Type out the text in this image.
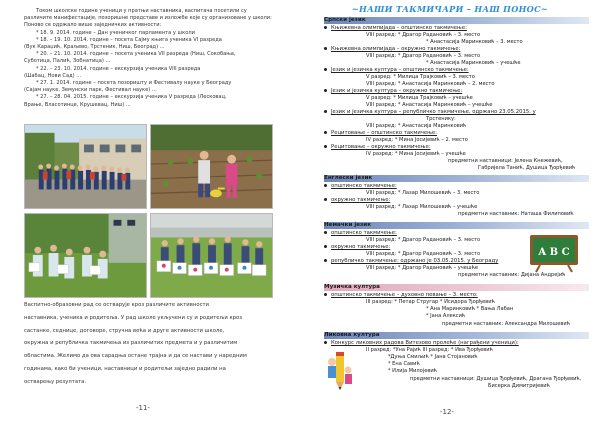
Током школске године ученици у пратњи наставника, васпитача посетили су

различите манифестације, позоришне представе и изложбе које су организоване у школи:

Поново се одржало више заједничких активности:

* 18. 9. 2014. године – Дан ученичког парламента у школи

* 18. – 19. 10. 2014. године – посета Сајму књига ученика VI разреда

(Вук Караџић, Краљево, Трстеник, Ниш, Београд) ...

* 20. – 21. 10. 2014. године – посета ученика VII разреда (Ниш, Сокобања,

Суботица, Палић, Зобнатица) ...

* 22. – 23. 10. 2014. године – екскурзија ученика VIII разреда

(Шабац, Нови Сад) ...

* 27. 1. 2014. године – посета позоришту и Фестивалу науке у Београду

(Сајам науке, Земунски парк, Фестивал науке) ...

* 27. – 28. 04. 2015. године – екскурзија ученика V разреда (Лесковац,

Врање, Власотинце, Крушевац, Ниш) ...

Васпитно-образовни рад се остварује кроз различите активности

наставника, ученика и родитеља. У рад школе укључени су и родитељи кроз

састанке, седнице, договоре, стручна већа и друге активности школе,

окружна и републичка такмичења из различитих предмета и у различитим

областима. Желимо да ова сарадња остане трајна и да се настави у наредним

годинама, како би ученици, наставници и родитељи заједно радили на

остварењу резултата.

-11-
~НАШИ ТАКМИЧАРИ – НАШ ПОНОС~
Српски језик
Књижевна олимпијада – општинско такмичење:
VIII разред: * Драгор Радановић – 3. место
* Анастасија Маринковић – 3. место
Књижевна олимпијада – окружно такмичење:
VIII разред: * Драгор Радановић – 3. место
* Анастасија Маринковић – учешће
Језик и језичка култура – општинско такмичење:
V разред: * Милица Трајковић – 3. место
VIII разред: * Анастасија Маринковић – 2. место
Језик и језичка култура – окружно такмичење:
V разред: * Милица Трајковић – учешће
VIII разред: * Анастасија Маринковић – учешће
Језик и језичка култура – републичко такмичење, одржано 23.05.2015. у
Трстенику:
VIII разред: * Анастасија Маринковић
Рецитовање – општинско такмичење:
IV разред: * Мина Јосијевић – 2. место
Рецитовање – окружно такмичење:
IV разред: * Мина Јосијевић – учешће
предметни наставници: Јелена Кнежевић,
Габријела Танић, Душица Ђорђевић
Енглески језик
општинско такмичење:
VIII разред: * Лазар Милошевић – 3. место
окружно такмичење:
VIII разред: * Лазар Милошевић – учешће
предметни наставник: Наташа Филиповић
Немачки језик
општинско такмичење:
VIII разред: * Драгор Радановић – 3. место
окружно такмичење:
VIII разред: * Драгор Радановић – 3. место
републичко такмичење: одржано је 03.05.2015. у Београду
VIII разред: * Драгор Радановић – учешће
предметни наставник: Дијана Андрејић
A B C
Музичка култура
општинско такмичење – духовно певање – 3. место:
III разред: * Петар Стругар * Исидора Ђорђевић
* Ана Маринковић * Вања Лабан
* Јана Алексић
предметни наставник: Александра Милошевић
Ликовна култура
Конкурс ликовних радова Витезово пролеће (награђени ученици):
II разред: *Уна Рајић III разред: * Ива Ђорђевић
*Дуња Смиљић * Јана Стојановић
* Ена Савић
* Илија Милојевић
предметни наставници: Душица Ђорђевић, Драгана Ђорђевић,
Бисерка Димитријевић
-12-
